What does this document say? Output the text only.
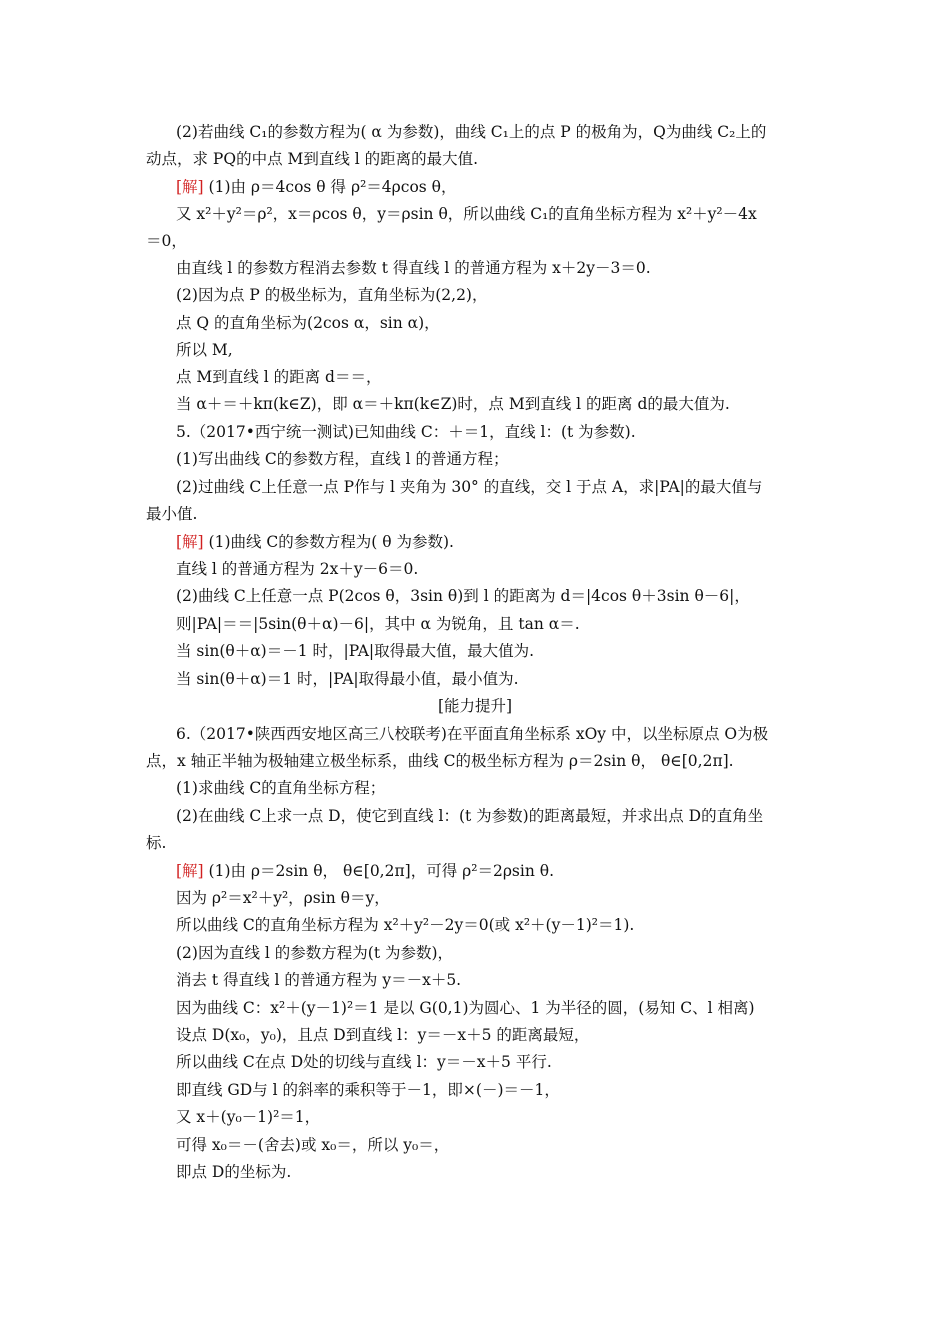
(2)若曲线 C₁的参数方程为( α 为参数)，曲线 C₁上的点 P 的极角为，Q为曲线 C₂上的
动点，求 PQ的中点 M到直线 l 的距离的最大值.
[解] (1)由 ρ＝4cos θ 得 ρ²＝4ρcos θ，
又 x²＋y²＝ρ²，x＝ρcos θ，y＝ρsin θ，所以曲线 C₁的直角坐标方程为 x²＋y²－4x
＝0，
由直线 l 的参数方程消去参数 t 得直线 l 的普通方程为 x＋2y－3＝0.
(2)因为点 P 的极坐标为，直角坐标为(2,2)，
点 Q 的直角坐标为(2cos α，sin α)，
所以 M,
点 M到直线 l 的距离 d＝＝，
当 α＋＝＋kπ(k∈Z)，即 α＝＋kπ(k∈Z)时，点 M到直线 l 的距离 d的最大值为.
5.（2017•西宁统一测试)已知曲线 C：＋＝1，直线 l：(t 为参数).
(1)写出曲线 C的参数方程，直线 l 的普通方程；
(2)过曲线 C上任意一点 P作与 l 夹角为 30° 的直线，交 l 于点 A，求|PA|的最大值与
最小值.
[解] (1)曲线 C的参数方程为( θ 为参数).
直线 l 的普通方程为 2x＋y－6＝0.
(2)曲线 C上任意一点 P(2cos θ，3sin θ)到 l 的距离为 d＝|4cos θ＋3sin θ－6|，
则|PA|＝＝|5sin(θ＋α)－6|，其中 α 为锐角，且 tan α＝.
当 sin(θ＋α)＝－1 时，|PA|取得最大值，最大值为.
当 sin(θ＋α)＝1 时，|PA|取得最小值，最小值为.
[能力提升]
6.（2017•陕西西安地区高三八校联考)在平面直角坐标系 xOy 中，以坐标原点 O为极
点，x 轴正半轴为极轴建立极坐标系，曲线 C的极坐标方程为 ρ＝2sin θ， θ∈[0,2π].
(1)求曲线 C的直角坐标方程；
(2)在曲线 C上求一点 D，使它到直线 l：(t 为参数)的距离最短，并求出点 D的直角坐
标.
[解] (1)由 ρ＝2sin θ， θ∈[0,2π]，可得 ρ²＝2ρsin θ.
因为 ρ²＝x²＋y²，ρsin θ＝y，
所以曲线 C的直角坐标方程为 x²＋y²－2y＝0(或 x²＋(y－1)²＝1).
(2)因为直线 l 的参数方程为(t 为参数)，
消去 t 得直线 l 的普通方程为 y＝－x＋5.
因为曲线 C：x²＋(y－1)²＝1 是以 G(0,1)为圆心、1 为半径的圆，(易知 C、l 相离)
设点 D(x₀，y₀)，且点 D到直线 l：y＝－x＋5 的距离最短，
所以曲线 C在点 D处的切线与直线 l：y＝－x＋5 平行.
即直线 GD与 l 的斜率的乘积等于－1，即×(－)＝－1，
又 x＋(y₀－1)²＝1，
可得 x₀＝－(舍去)或 x₀＝，所以 y₀＝，
即点 D的坐标为.
